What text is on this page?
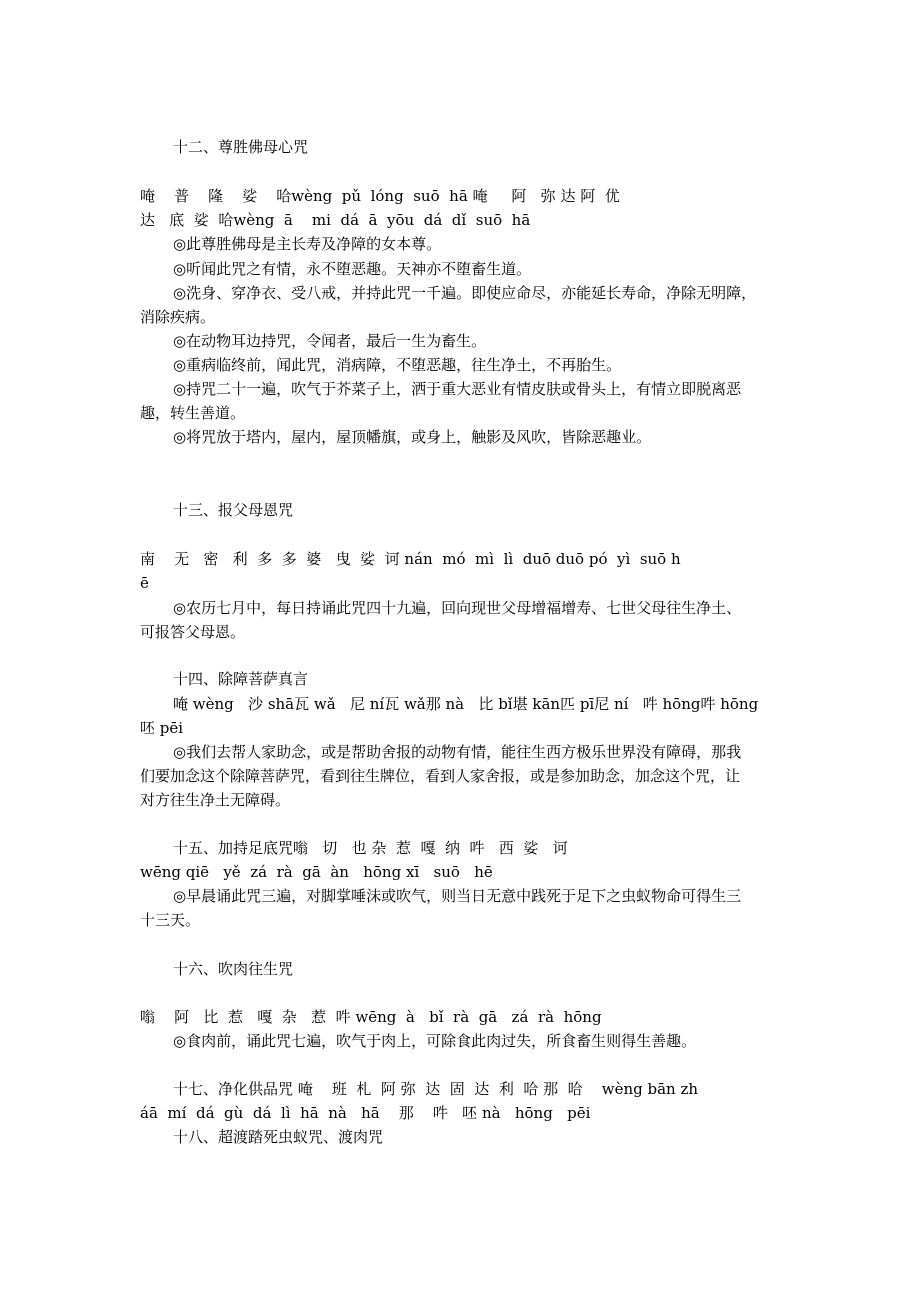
十二、尊胜佛母心咒
唵    普    隆    娑    哈wèng  pǔ  lóng  suō  hā 唵     阿   弥 达 阿  优
达   底  娑  哈wèng  ā    mi  dá  ā  yōu  dá  dǐ  suō  hā
◎此尊胜佛母是主长寿及净障的女本尊。
◎听闻此咒之有情，永不堕恶趣。天神亦不堕畜生道。
◎洗身、穿净衣、受八戒，并持此咒一千遍。即使应命尽，亦能延长寿命，净除无明障，
消除疾病。
◎在动物耳边持咒，令闻者，最后一生为畜生。
◎重病临终前，闻此咒，消病障，不堕恶趣，往生净土，不再胎生。
◎持咒二十一遍，吹气于芥菜子上，洒于重大恶业有情皮肤或骨头上，有情立即脱离恶
趣，转生善道。
◎将咒放于塔内，屋内，屋顶幡旗，或身上，触影及风吹，皆除恶趣业。
十三、报父母恩咒
南    无   密   利  多  多  婆   曳  娑  诃 nán  mó  mì  lì  duō duō pó  yì  suō h
ē
◎农历七月中，每日持诵此咒四十九遍，回向现世父母增福增寿、七世父母往生净土、
可报答父母恩。
十四、除障菩萨真言
唵 wèng   沙 shā瓦 wǎ   尼 ní瓦 wǎ那 nà   比 bǐ堪 kān匹 pī尼 ní   吽 hōng吽 hōng
呸 pēi
◎我们去帮人家助念，或是帮助舍报的动物有情，能往生西方极乐世界没有障碍，那我
们要加念这个除障菩萨咒，看到往生牌位，看到人家舍报，或是参加助念，加念这个咒，让
对方往生净土无障碍。
十五、加持足底咒嗡   切   也 杂  惹  嘎  纳  吽   西  娑   诃
wēng qiē   yě  zá  rà  gā  àn   hōng xī   suō   hē
◎早晨诵此咒三遍，对脚掌唾沫或吹气，则当日无意中践死于足下之虫蚁物命可得生三
十三天。
十六、吹肉往生咒
嗡    阿   比  惹   嘎  杂   惹  吽 wēng  à   bǐ  rà  gā   zá  rà  hōng
◎食肉前，诵此咒七遍，吹气于肉上，可除食此肉过失，所食畜生则得生善趣。
十七、净化供品咒 唵    班  札  阿 弥  达  固  达  利  哈 那  哈    wèng bān zh
áā  mí  dá  gù  dá  lì  hā  nà   hā    那    吽   呸 nà   hōng   pēi
十八、超渡踏死虫蚁咒、渡肉咒
